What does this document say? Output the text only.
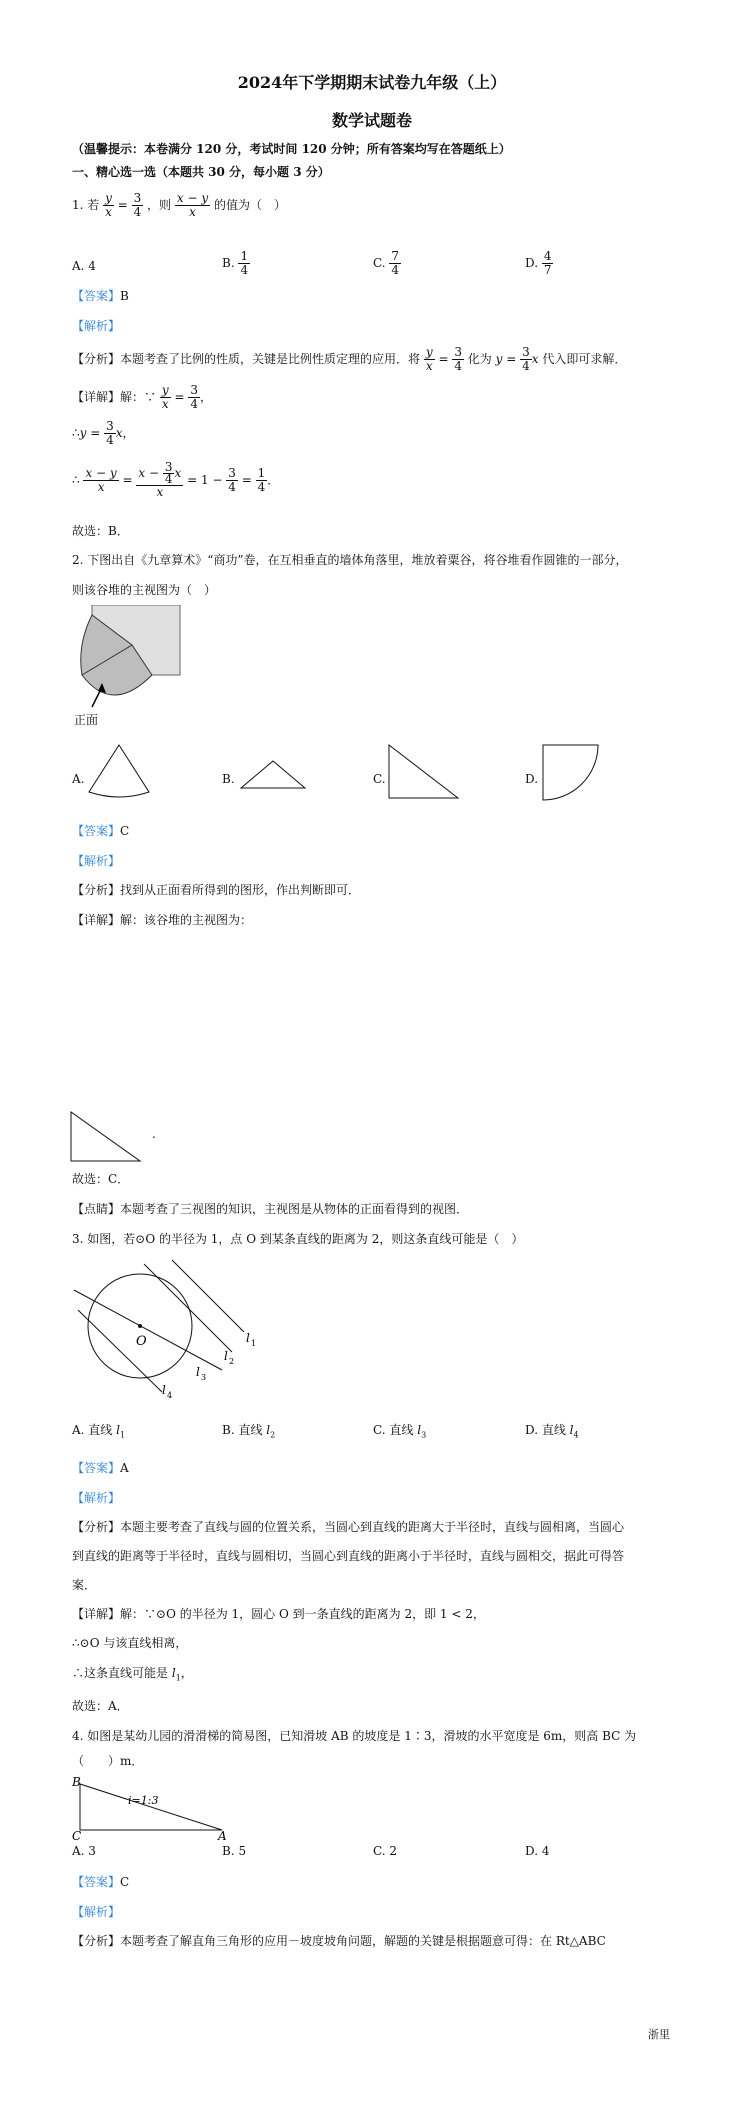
2024年下学期期末试卷九年级（上）
数学试题卷
（温馨提示：本卷满分 120 分，考试时间 120 分钟；所有答案均写在答题纸上）
一、精心选一选（本题共 30 分，每小题 3 分）
1. 若 $\frac{y}{x} = \frac{3}{4}$ ，则 $\frac{x - y}{x}$ 的值为（　）
A. 4	B. $\frac{1}{4}$	C. $\frac{7}{4}$	D. $\frac{4}{7}$
【答案】B
【解析】
【分析】本题考查了比例的性质，关键是比例性质定理的应用．将 $\frac{y}{x} = \frac{3}{4}$ 化为 $y = \frac{3}{4}$ x 代入即可求解．
【详解】解：∵ $\frac{y}{x} = \frac{3}{4}$ ，
∴y = $\frac{3}{4}$ x，
∴ $\frac{x - y}{x} = \frac{x - \frac{3}{4} x}{x} = 1 - \frac{3}{4} = \frac{1}{4}$ ．
故选：B．
2. 下图出自《九章算术》“商功”卷，在互相垂直的墙体角落里，堆放着粟谷，将谷堆看作圆锥的一部分，
则该谷堆的主视图为（　）
正面
A.	B.	C.	D.
【答案】C
【解析】
【分析】找到从正面看所得到的图形，作出判断即可．
【详解】解：该谷堆的主视图为：
.
故选：C．
【点睛】本题考查了三视图的知识，主视图是从物体的正面看得到的视图．
3. 如图，若⊙O 的半径为 1，点 O 到某条直线的距离为 2，则这条直线可能是（　）
O	l 1
l 2
l 3
l 4
A. 直线 $l_1$	B. 直线 $l_2$	C. 直线 $l_3$	D. 直线 $l_4$
【答案】A
【解析】
【分析】本题主要考查了直线与圆的位置关系，当圆心到直线的距离大于半径时，直线与圆相离，当圆心
到直线的距离等于半径时，直线与圆相切，当圆心到直线的距离小于半径时，直线与圆相交，据此可得答
案．
【详解】解：∵⊙O 的半径为 1，圆心 O 到一条直线的距离为 2，即 1 < 2，
∴⊙O 与该直线相离，
∴这条直线可能是 $l_1$，
故选：A．
4. 如图是某幼儿园的滑滑梯的简易图，已知滑坡 AB 的坡度是 1∶3，滑坡的水平宽度是 6m，则高 BC 为
（　　）m．
B
C	A
i=1:3
A. 3	B. 5	C. 2	D. 4
【答案】C
【解析】
【分析】本题考查了解直角三角形的应用－坡度坡角问题，解题的关键是根据题意可得：在 Rt△ABC
浙里
